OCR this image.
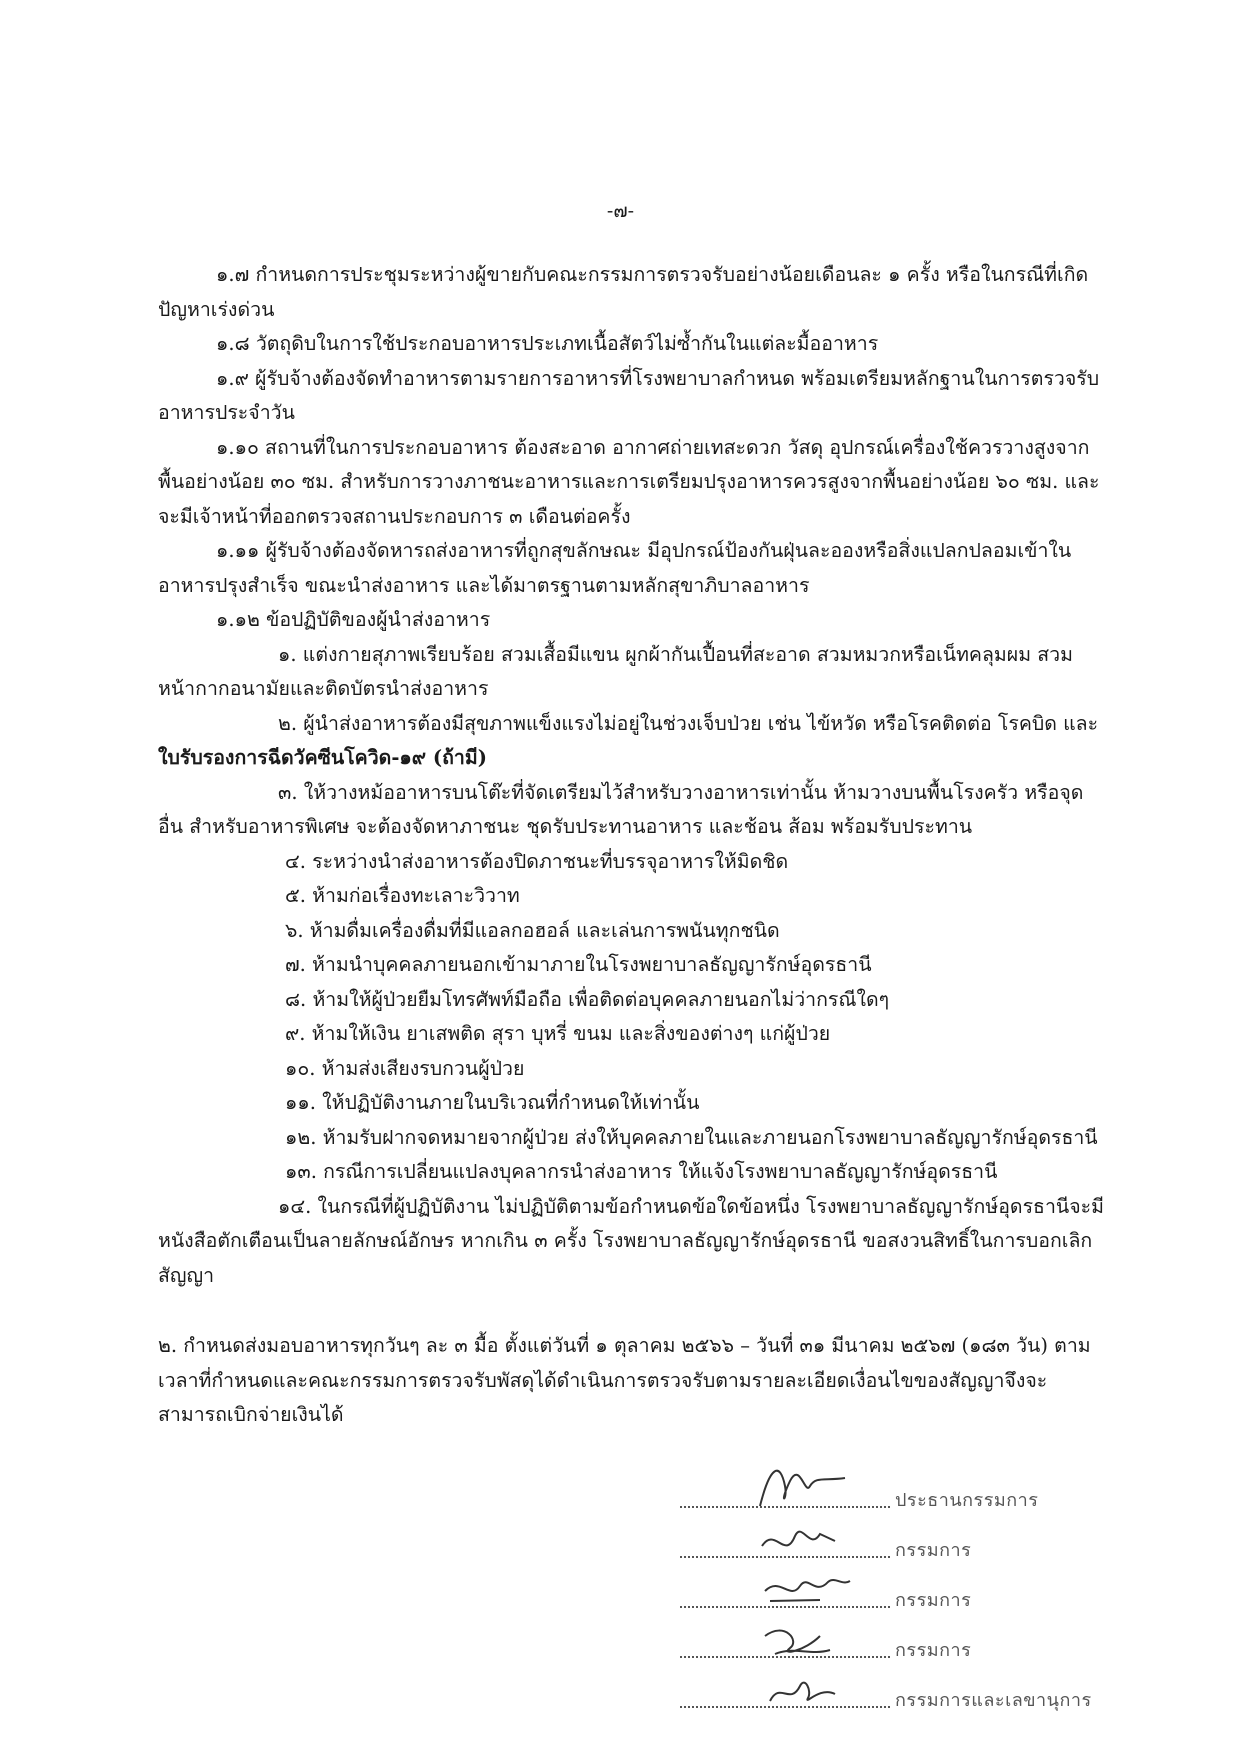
-๗-

๑.๗ กำหนดการประชุมระหว่างผู้ขายกับคณะกรรมการตรวจรับอย่างน้อยเดือนละ ๑ ครั้ง หรือในกรณีที่เกิดปัญหาเร่งด่วน

๑.๘ วัตถุดิบในการใช้ประกอบอาหารประเภทเนื้อสัตว์ไม่ซ้ำกันในแต่ละมื้ออาหาร

๑.๙ ผู้รับจ้างต้องจัดทำอาหารตามรายการอาหารที่โรงพยาบาลกำหนด พร้อมเตรียมหลักฐานในการตรวจรับอาหารประจำวัน

๑.๑๐ สถานที่ในการประกอบอาหาร ต้องสะอาด อากาศถ่ายเทสะดวก วัสดุ อุปกรณ์เครื่องใช้ควรวางสูงจากพื้นอย่างน้อย ๓๐ ซม. สำหรับการวางภาชนะอาหารและการเตรียมปรุงอาหารควรสูงจากพื้นอย่างน้อย ๖๐ ซม. และจะมีเจ้าหน้าที่ออกตรวจสถานประกอบการ ๓ เดือนต่อครั้ง

๑.๑๑ ผู้รับจ้างต้องจัดหารถส่งอาหารที่ถูกสุขลักษณะ มีอุปกรณ์ป้องกันฝุ่นละอองหรือสิ่งแปลกปลอมเข้าในอาหารปรุงสำเร็จ ขณะนำส่งอาหาร และได้มาตรฐานตามหลักสุขาภิบาลอาหาร

๑.๑๒ ข้อปฏิบัติของผู้นำส่งอาหาร

๑. แต่งกายสุภาพเรียบร้อย สวมเสื้อมีแขน ผูกผ้ากันเปื้อนที่สะอาด สวมหมวกหรือเน็ทคลุมผม สวมหน้ากากอนามัยและติดบัตรนำส่งอาหาร

๒. ผู้นำส่งอาหารต้องมีสุขภาพแข็งแรงไม่อยู่ในช่วงเจ็บป่วย เช่น ไข้หวัด หรือโรคติดต่อ โรคบิด และ
ใบรับรองการฉีดวัคซีนโควิด-๑๙ (ถ้ามี)

๓. ให้วางหม้ออาหารบนโต๊ะที่จัดเตรียมไว้สำหรับวางอาหารเท่านั้น ห้ามวางบนพื้นโรงครัว หรือจุดอื่น สำหรับอาหารพิเศษ จะต้องจัดหาภาชนะ ชุดรับประทานอาหาร และช้อน ส้อม พร้อมรับประทาน

๔. ระหว่างนำส่งอาหารต้องปิดภาชนะที่บรรจุอาหารให้มิดชิด

๕. ห้ามก่อเรื่องทะเลาะวิวาท

๖. ห้ามดื่มเครื่องดื่มที่มีแอลกอฮอล์ และเล่นการพนันทุกชนิด

๗. ห้ามนำบุคคลภายนอกเข้ามาภายในโรงพยาบาลธัญญารักษ์อุดรธานี

๘. ห้ามให้ผู้ป่วยยืมโทรศัพท์มือถือ เพื่อติดต่อบุคคลภายนอกไม่ว่ากรณีใดๆ

๙. ห้ามให้เงิน ยาเสพติด สุรา บุหรี่ ขนม และสิ่งของต่างๆ แก่ผู้ป่วย

๑๐. ห้ามส่งเสียงรบกวนผู้ป่วย

๑๑. ให้ปฏิบัติงานภายในบริเวณที่กำหนดให้เท่านั้น

๑๒. ห้ามรับฝากจดหมายจากผู้ป่วย ส่งให้บุคคลภายในและภายนอกโรงพยาบาลธัญญารักษ์อุดรธานี

๑๓. กรณีการเปลี่ยนแปลงบุคลากรนำส่งอาหาร ให้แจ้งโรงพยาบาลธัญญารักษ์อุดรธานี

๑๔. ในกรณีที่ผู้ปฏิบัติงาน ไม่ปฏิบัติตามข้อกำหนดข้อใดข้อหนึ่ง โรงพยาบาลธัญญารักษ์อุดรธานีจะมีหนังสือตักเตือนเป็นลายลักษณ์อักษร หากเกิน ๓ ครั้ง โรงพยาบาลธัญญารักษ์อุดรธานี ขอสงวนสิทธิ์ในการบอกเลิกสัญญา

๒. กำหนดส่งมอบอาหารทุกวันๆ ละ ๓ มื้อ ตั้งแต่วันที่ ๑ ตุลาคม ๒๕๖๖ – วันที่ ๓๑ มีนาคม ๒๕๖๗ (๑๘๓ วัน) ตามเวลาที่กำหนดและคณะกรรมการตรวจรับพัสดุได้ดำเนินการตรวจรับตามรายละเอียดเงื่อนไขของสัญญาจึงจะสามารถเบิกจ่ายเงินได้

ประธานกรรมการ
กรรมการ
กรรมการ
กรรมการ
กรรมการและเลขานุการ
